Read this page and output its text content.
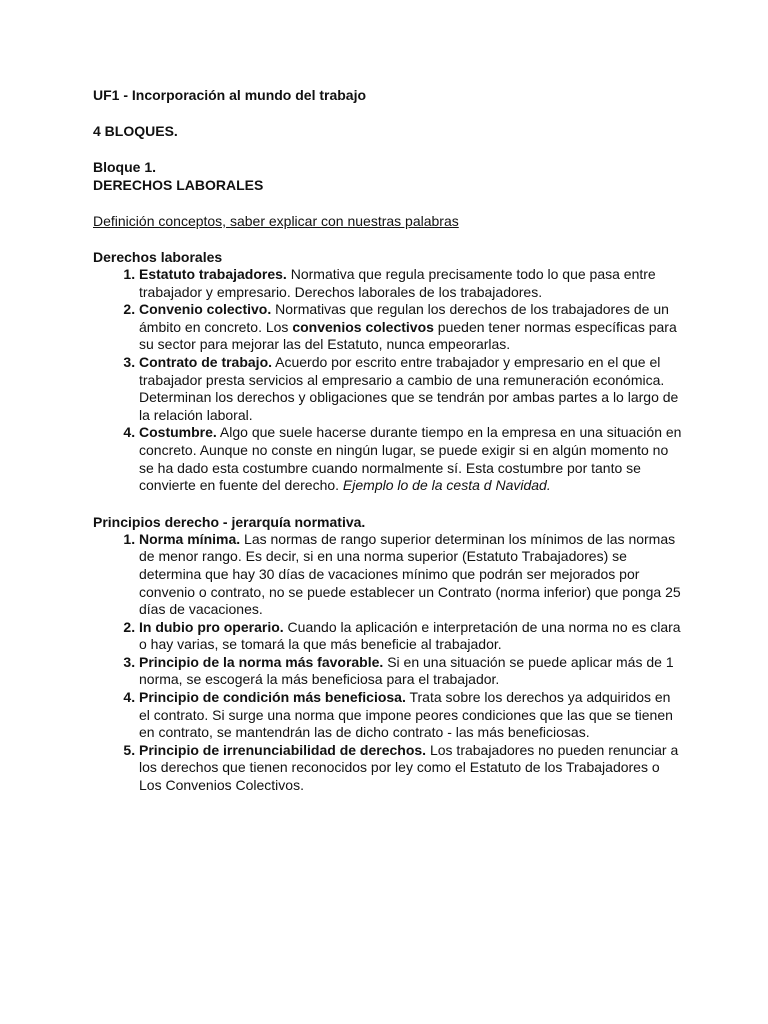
UF1 - Incorporación al mundo del trabajo

4 BLOQUES.

Bloque 1.

DERECHOS LABORALES

Definición conceptos, saber explicar con nuestras palabras

Derechos laborales
1. Estatuto trabajadores. Normativa que regula precisamente todo lo que pasa entre trabajador y empresario. Derechos laborales de los trabajadores.
2. Convenio colectivo. Normativas que regulan los derechos de los trabajadores de un ámbito en concreto. Los convenios colectivos pueden tener normas específicas para su sector para mejorar las del Estatuto, nunca empeorarlas.
3. Contrato de trabajo. Acuerdo por escrito entre trabajador y empresario en el que el trabajador presta servicios al empresario a cambio de una remuneración económica. Determinan los derechos y obligaciones que se tendrán por ambas partes a lo largo de la relación laboral.
4. Costumbre. Algo que suele hacerse durante tiempo en la empresa en una situación en concreto. Aunque no conste en ningún lugar, se puede exigir si en algún momento no se ha dado esta costumbre cuando normalmente sí. Esta costumbre por tanto se convierte en fuente del derecho. Ejemplo lo de la cesta d Navidad.
Principios derecho - jerarquía normativa.
1. Norma mínima. Las normas de rango superior determinan los mínimos de las normas de menor rango. Es decir, si en una norma superior (Estatuto Trabajadores) se determina que hay 30 días de vacaciones mínimo que podrán ser mejorados por convenio o contrato, no se puede establecer un Contrato (norma inferior) que ponga 25 días de vacaciones.
2. In dubio pro operario. Cuando la aplicación e interpretación de una norma no es clara o hay varias, se tomará la que más beneficie al trabajador.
3. Principio de la norma más favorable. Si en una situación se puede aplicar más de 1 norma, se escogerá la más beneficiosa para el trabajador.
4. Principio de condición más beneficiosa. Trata sobre los derechos ya adquiridos en el contrato. Si surge una norma que impone peores condiciones que las que se tienen en contrato, se mantendrán las de dicho contrato - las más beneficiosas.
5. Principio de irrenunciabilidad de derechos. Los trabajadores no pueden renunciar a los derechos que tienen reconocidos por ley como el Estatuto de los Trabajadores o Los Convenios Colectivos.
